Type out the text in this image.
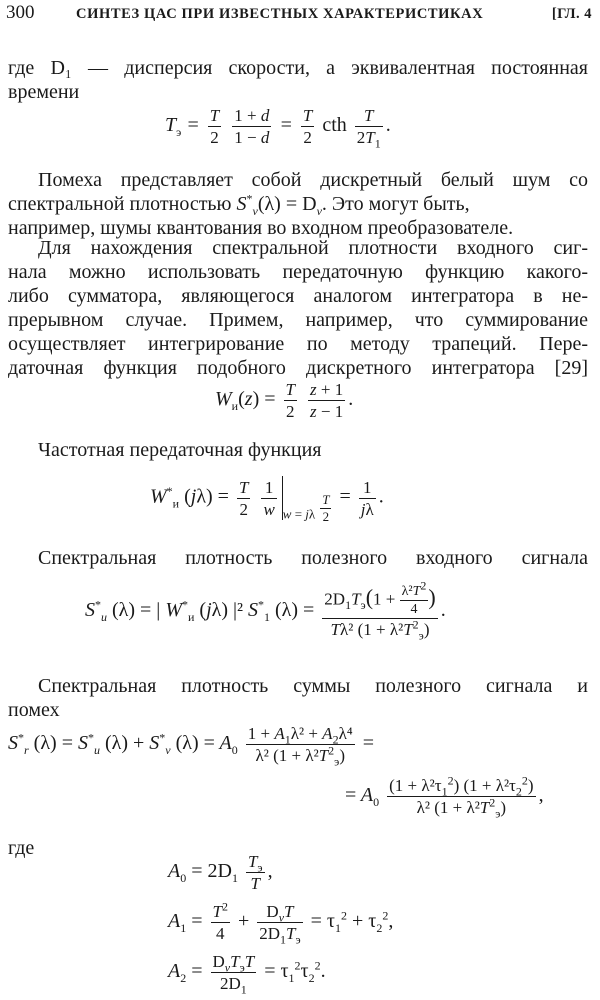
300	СИНТЕЗ ЦАС ПРИ ИЗВЕСТНЫХ ХАРАКТЕРИСТИКАХ	[ГЛ. 4
где D₁ — дисперсия скорости, а эквивалентная постоянная
времени
$T_э = \frac{T}{2}$
$\frac{1 + d}{1 - d} = \frac{T}{2}$ cth $\frac{T}{2T_1}$ .
Помеха представляет собой дискретный белый шум со
спектральной плотностью $S^*_v(\lambda) = D_v$. Это могут быть,
например, шумы квантования во входном преобразователе.
Для нахождения спектральной плотности входного сиг-
нала можно использовать передаточную функцию какого-
либо сумматора, являющегося аналогом интегратора в не-
прерывном случае. Примем, например, что суммирование
осуществляет интегрирование по методу трапеций. Пере-
даточная функция подобного дискретного интегратора [29]
$W_и(z) = \frac{T}{2}$
$\frac{z + 1}{z - 1}$ .
Частотная передаточная функция
$W^*_и$ $(j\lambda) = \frac{T}{2}$
$\frac{1}{w} _{w = j\lambda} \frac{T}{2} = \frac{1}{j\lambda}$ .
Спектральная плотность полезного входного сигнала
$S^*_u$ (λ) = | $W^*_и$ (jλ) |² $S^*_1$ $(\lambda) = \frac{2D_1T_э(1 + \frac{\lambda^2T^2}{4} )}{T\lambda^2 (1 + \lambda^2T^2_э)}$ .
Спектральная плотность суммы полезного сигнала и
помех
$S^*_r$ $(\lambda) = S^*_u$ $(\lambda) + S^*_v$ $(\lambda) = A_0 \frac{1 + A_1\lambda^2 + A_2\lambda^4}{\lambda^2 (1 + \lambda^2T^2_э)}$ =
= $A_0 \frac{(1 + \lambda^2\tau_1^2) (1 + \lambda^2\tau_2^2)}{\lambda^2 (1 + \lambda^2T^2_э)}$ ,
где
$A_0 = 2D_1 \frac{T_э}{T}$ ,
$A_1 = \frac{T^2}{4} + \frac{D_vT}{2D_1T_э} = \tau_1^2 + \tau_2^2$,
$A_2 = \frac{D_vT_эT}{2D_1} = \tau_1^2\tau_2^2$.
